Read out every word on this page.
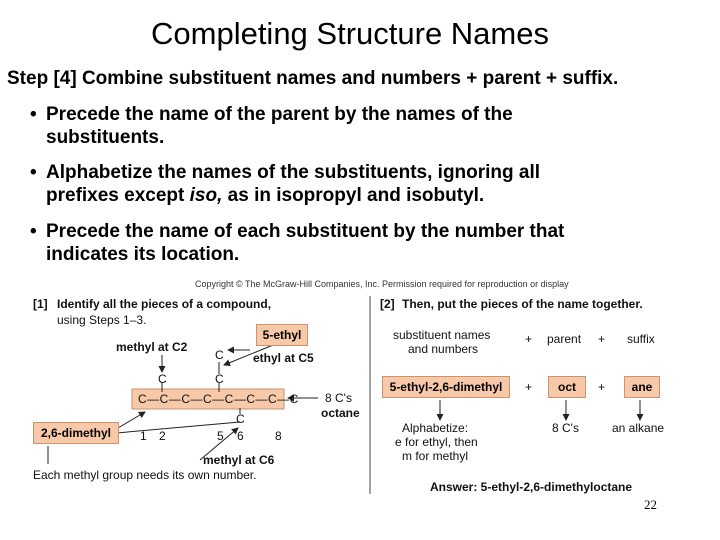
Completing Structure Names
Step [4] Combine substituent names and numbers + parent + suffix.
• Precede the name of the parent by the names of the
substituents.
• Alphabetize the names of the substituents, ignoring all
prefixes except iso, as in isopropyl and isobutyl.
• Precede the name of each substituent by the number that
indicates its location.
Copyright © The McGraw-Hill Companies, Inc. Permission required for reproduction or display
[1] Identify all the pieces of a compound,
using Steps 1–3.
5-ethyl
methyl at C2
ethyl at C5
C
C
C
C—C—C—C—C—C—C—C
C
8 C's
octane
2,6-dimethyl	1 2	5 6	8
methyl at C6
Each methyl group needs its own number.
[2] Then, put the pieces of the name together.
substituent names
and numbers
+ parent + suffix
5-ethyl-2,6-dimethyl	+	oct	+	ane
Alphabetize:
e for ethyl, then
m for methyl
8 C's	an alkane
Answer: 5-ethyl-2,6-dimethyloctane
22
